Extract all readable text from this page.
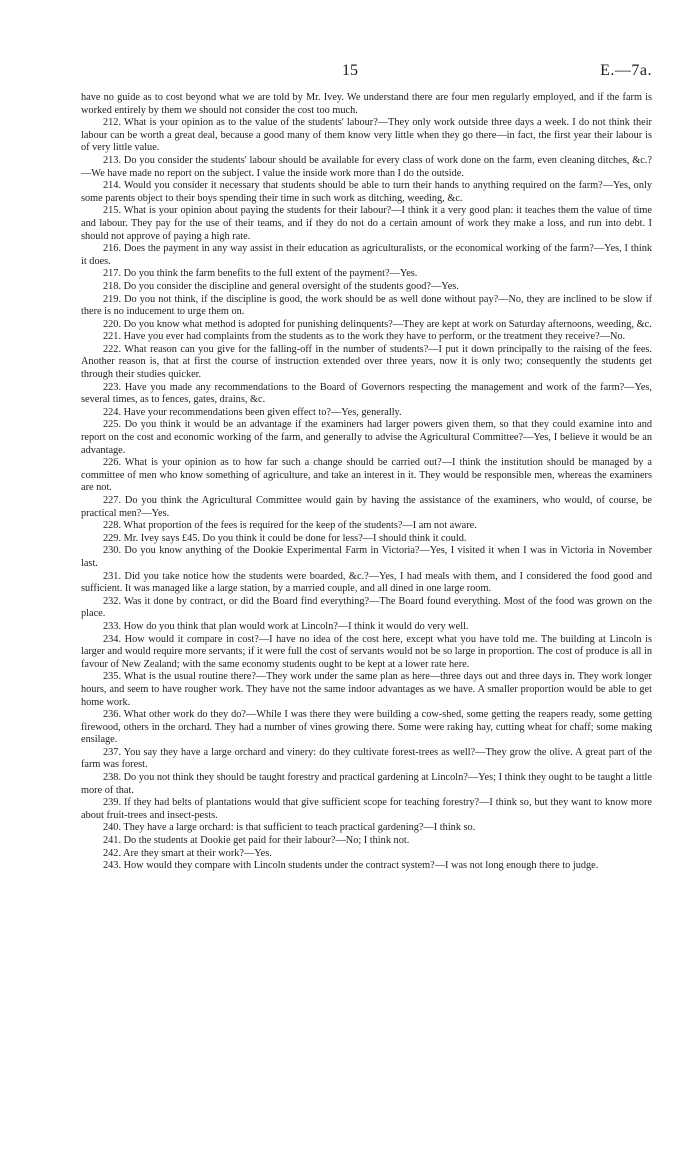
15	E.—7a.

have no guide as to cost beyond what we are told by Mr. Ivey. We understand there are four men regularly employed, and if the farm is worked entirely by them we should not consider the cost too much.

212. What is your opinion as to the value of the students' labour?—They only work outside three days a week. I do not think their labour can be worth a great deal, because a good many of them know very little when they go there—in fact, the first year their labour is of very little value.

213. Do you consider the students' labour should be available for every class of work done on the farm, even cleaning ditches, &c.?—We have made no report on the subject. I value the inside work more than I do the outside.

214. Would you consider it necessary that students should be able to turn their hands to anything required on the farm?—Yes, only some parents object to their boys spending their time in such work as ditching, weeding, &c.

215. What is your opinion about paying the students for their labour?—I think it a very good plan: it teaches them the value of time and labour. They pay for the use of their teams, and if they do not do a certain amount of work they make a loss, and run into debt. I should not approve of paying a high rate.

216. Does the payment in any way assist in their education as agriculturalists, or the economical working of the farm?—Yes, I think it does.

217. Do you think the farm benefits to the full extent of the payment?—Yes.

218. Do you consider the discipline and general oversight of the students good?—Yes.

219. Do you not think, if the discipline is good, the work should be as well done without pay?—No, they are inclined to be slow if there is no inducement to urge them on.

220. Do you know what method is adopted for punishing delinquents?—They are kept at work on Saturday afternoons, weeding, &c.

221. Have you ever had complaints from the students as to the work they have to perform, or the treatment they receive?—No.

222. What reason can you give for the falling-off in the number of students?—I put it down principally to the raising of the fees. Another reason is, that at first the course of instruction extended over three years, now it is only two; consequently the students get through their studies quicker.

223. Have you made any recommendations to the Board of Governors respecting the management and work of the farm?—Yes, several times, as to fences, gates, drains, &c.

224. Have your recommendations been given effect to?—Yes, generally.

225. Do you think it would be an advantage if the examiners had larger powers given them, so that they could examine into and report on the cost and economic working of the farm, and generally to advise the Agricultural Committee?—Yes, I believe it would be an advantage.

226. What is your opinion as to how far such a change should be carried out?—I think the institution should be managed by a committee of men who know something of agriculture, and take an interest in it. They would be responsible men, whereas the examiners are not.

227. Do you think the Agricultural Committee would gain by having the assistance of the examiners, who would, of course, be practical men?—Yes.

228. What proportion of the fees is required for the keep of the students?—I am not aware.

229. Mr. Ivey says £45. Do you think it could be done for less?—I should think it could.

230. Do you know anything of the Dookie Experimental Farm in Victoria?—Yes, I visited it when I was in Victoria in November last.

231. Did you take notice how the students were boarded, &c.?—Yes, I had meals with them, and I considered the food good and sufficient. It was managed like a large station, by a married couple, and all dined in one large room.

232. Was it done by contract, or did the Board find everything?—The Board found everything. Most of the food was grown on the place.

233. How do you think that plan would work at Lincoln?—I think it would do very well.

234. How would it compare in cost?—I have no idea of the cost here, except what you have told me. The building at Lincoln is larger and would require more servants; if it were full the cost of servants would not be so large in proportion. The cost of produce is all in favour of New Zealand; with the same economy students ought to be kept at a lower rate here.

235. What is the usual routine there?—They work under the same plan as here—three days out and three days in. They work longer hours, and seem to have rougher work. They have not the same indoor advantages as we have. A smaller proportion would be able to get home work.

236. What other work do they do?—While I was there they were building a cow-shed, some getting the reapers ready, some getting firewood, others in the orchard. They had a number of vines growing there. Some were raking hay, cutting wheat for chaff; some making ensilage.

237. You say they have a large orchard and vinery: do they cultivate forest-trees as well?—They grow the olive. A great part of the farm was forest.

238. Do you not think they should be taught forestry and practical gardening at Lincoln?—Yes; I think they ought to be taught a little more of that.

239. If they had belts of plantations would that give sufficient scope for teaching forestry?—I think so, but they want to know more about fruit-trees and insect-pests.

240. They have a large orchard: is that sufficient to teach practical gardening?—I think so.

241. Do the students at Dookie get paid for their labour?—No; I think not.

242. Are they smart at their work?—Yes.

243. How would they compare with Lincoln students under the contract system?—I was not long enough there to judge.
